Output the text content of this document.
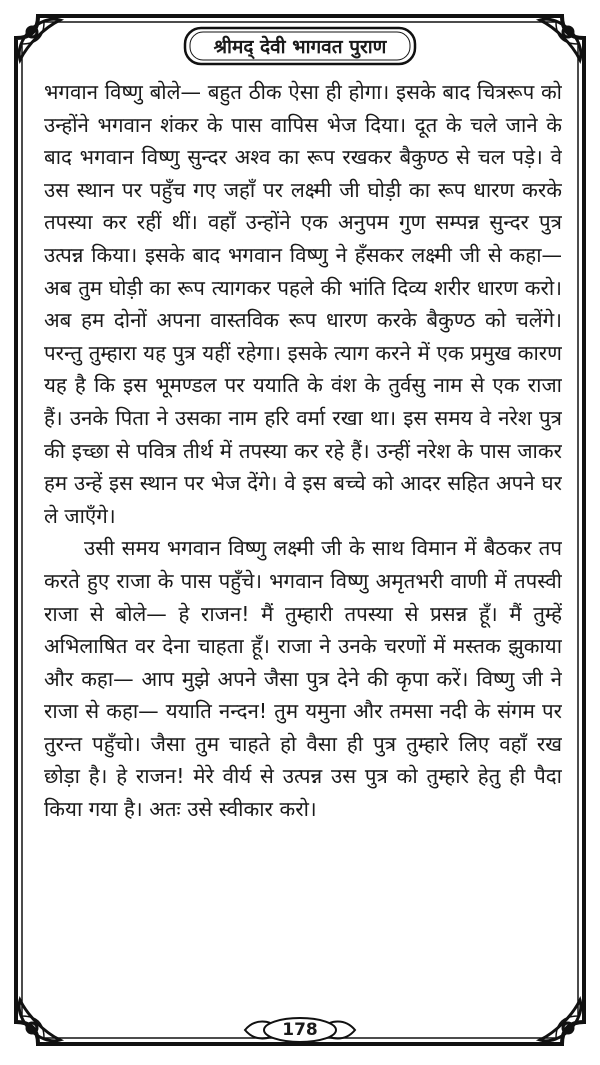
श्रीमद् देवी भागवत पुराण

भगवान विष्णु बोले— बहुत ठीक ऐसा ही होगा। इसके बाद चित्ररूप को उन्होंने भगवान शंकर के पास वापिस भेज दिया। दूत के चले जाने के बाद भगवान विष्णु सुन्दर अश्व का रूप रखकर बैकुण्ठ से चल पड़े। वे उस स्थान पर पहुँच गए जहाँ पर लक्ष्मी जी घोड़ी का रूप धारण करके तपस्या कर रहीं थीं। वहाँ उन्होंने एक अनुपम गुण सम्पन्न सुन्दर पुत्र उत्पन्न किया। इसके बाद भगवान विष्णु ने हँसकर लक्ष्मी जी से कहा— अब तुम घोड़ी का रूप त्यागकर पहले की भांति दिव्य शरीर धारण करो। अब हम दोनों अपना वास्तविक रूप धारण करके बैकुण्ठ को चलेंगे। परन्तु तुम्हारा यह पुत्र यहीं रहेगा। इसके त्याग करने में एक प्रमुख कारण यह है कि इस भूमण्डल पर ययाति के वंश के तुर्वसु नाम से एक राजा हैं। उनके पिता ने उसका नाम हरि वर्मा रखा था। इस समय वे नरेश पुत्र की इच्छा से पवित्र तीर्थ में तपस्या कर रहे हैं। उन्हीं नरेश के पास जाकर हम उन्हें इस स्थान पर भेज देंगे। वे इस बच्चे को आदर सहित अपने घर ले जाएँगे।

उसी समय भगवान विष्णु लक्ष्मी जी के साथ विमान में बैठकर तप करते हुए राजा के पास पहुँचे। भगवान विष्णु अमृतभरी वाणी में तपस्वी राजा से बोले— हे राजन! मैं तुम्हारी तपस्या से प्रसन्न हूँ। मैं तुम्हें अभिलाषित वर देना चाहता हूँ। राजा ने उनके चरणों में मस्तक झुकाया और कहा— आप मुझे अपने जैसा पुत्र देने की कृपा करें। विष्णु जी ने राजा से कहा— ययाति नन्दन! तुम यमुना और तमसा नदी के संगम पर तुरन्त पहुँचो। जैसा तुम चाहते हो वैसा ही पुत्र तुम्हारे लिए वहाँ रख छोड़ा है। हे राजन! मेरे वीर्य से उत्पन्न उस पुत्र को तुम्हारे हेतु ही पैदा किया गया है। अतः उसे स्वीकार करो।

178
